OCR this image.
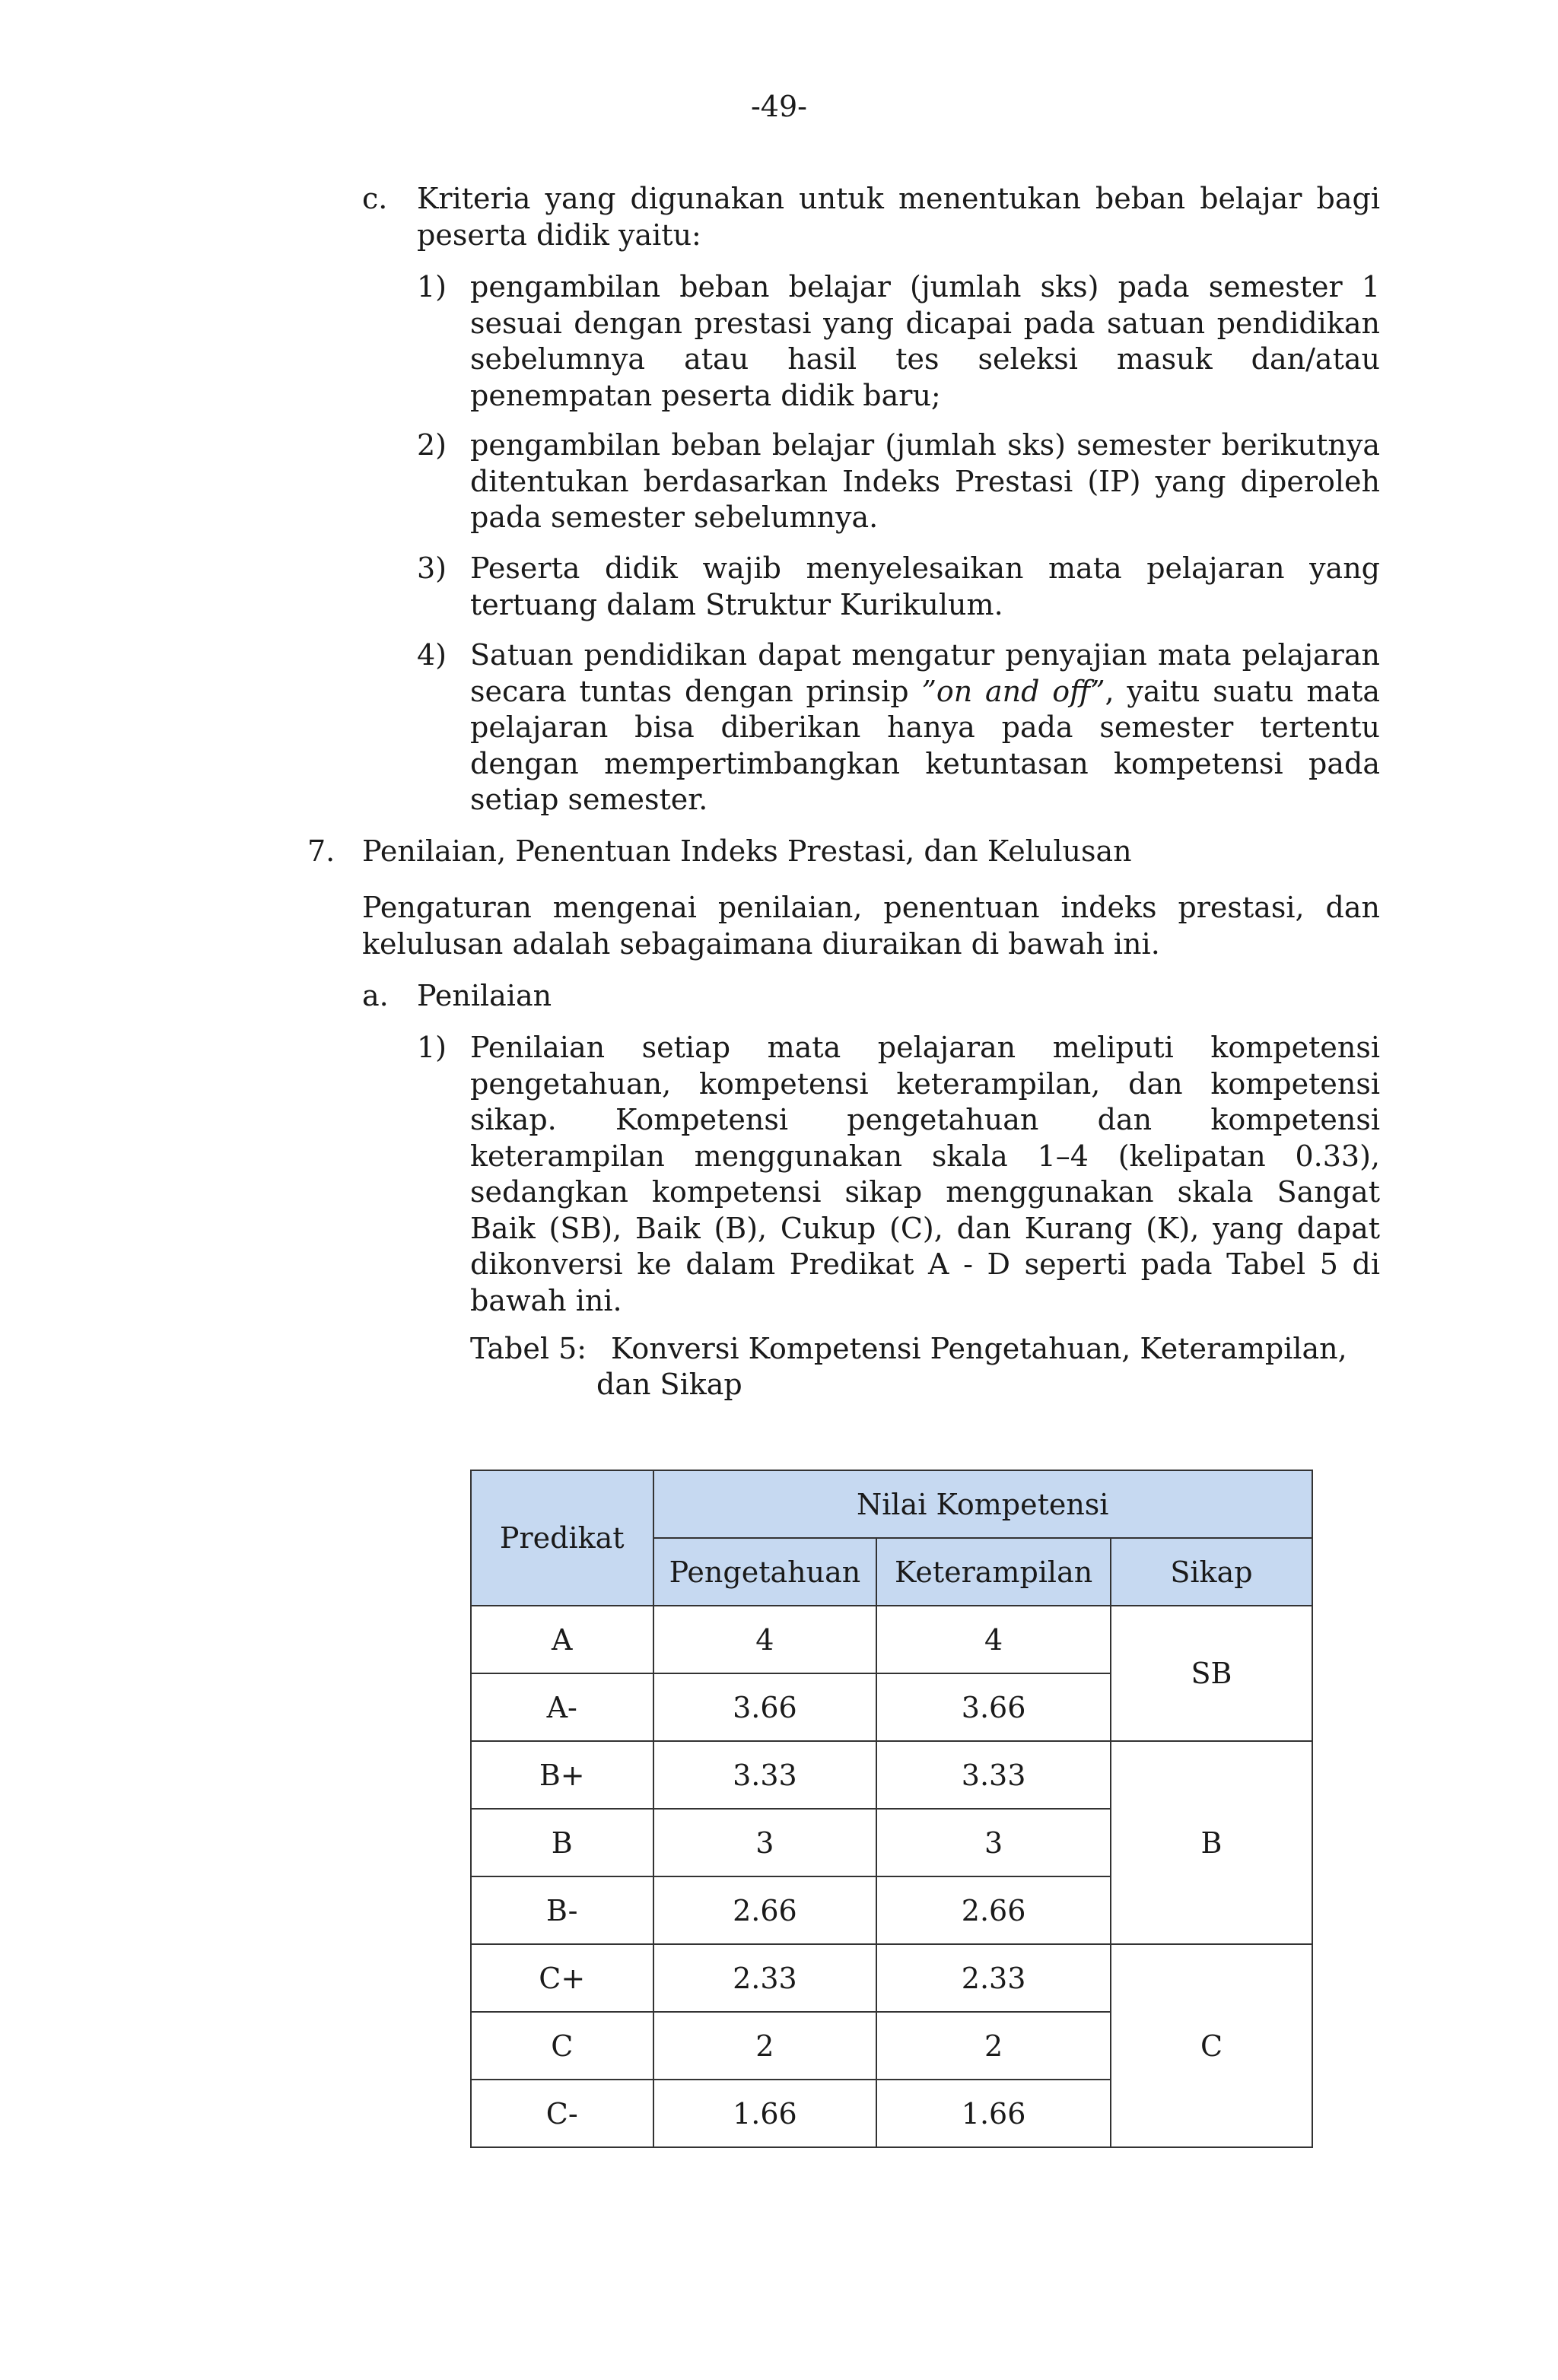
-49-
c. Kriteria yang digunakan untuk menentukan beban belajar bagi peserta didik yaitu:
1) pengambilan beban belajar (jumlah sks) pada semester 1 sesuai dengan prestasi yang dicapai pada satuan pendidikan sebelumnya atau hasil tes seleksi masuk dan/atau penempatan peserta didik baru;
2) pengambilan beban belajar (jumlah sks) semester berikutnya ditentukan berdasarkan Indeks Prestasi (IP) yang diperoleh pada semester sebelumnya.
3) Peserta didik wajib menyelesaikan mata pelajaran yang tertuang dalam Struktur Kurikulum.
4) Satuan pendidikan dapat mengatur penyajian mata pelajaran secara tuntas dengan prinsip ”on and off”, yaitu suatu mata pelajaran bisa diberikan hanya pada semester tertentu dengan mempertimbangkan ketuntasan kompetensi pada setiap semester.
7. Penilaian, Penentuan Indeks Prestasi, dan Kelulusan
Pengaturan mengenai penilaian, penentuan indeks prestasi, dan kelulusan adalah sebagaimana diuraikan di bawah ini.
a. Penilaian
1) Penilaian setiap mata pelajaran meliputi kompetensi pengetahuan, kompetensi keterampilan, dan kompetensi sikap. Kompetensi pengetahuan dan kompetensi keterampilan menggunakan skala 1–4 (kelipatan 0.33), sedangkan kompetensi sikap menggunakan skala Sangat Baik (SB), Baik (B), Cukup (C), dan Kurang (K), yang dapat dikonversi ke dalam Predikat A - D seperti pada Tabel 5 di bawah ini.
Tabel 5: Konversi Kompetensi Pengetahuan, Keterampilan,
dan Sikap
Predikat	Nilai Kompetensi		
	Pengetahuan	Keterampilan	Sikap
A	4	4	SB
A-	3.66	3.66	
B+	3.33	3.33	B
B	3	3	
B-	2.66	2.66	
C+	2.33	2.33	C
C	2	2	
C-	1.66	1.66	
